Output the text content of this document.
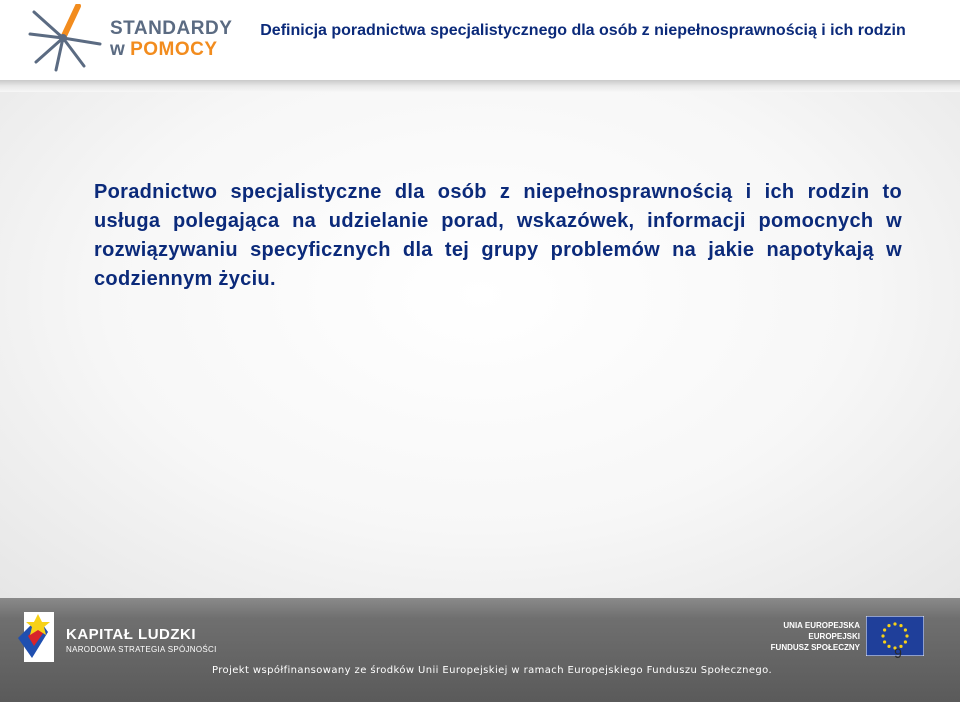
STANDARDY
w POMOCY
Definicja poradnictwa specjalistycznego dla osób z niepełnosprawnością i ich rodzin
Poradnictwo specjalistyczne dla osób z niepełnosprawnością i ich rodzin to usługa polegająca na udzielanie porad, wskazówek, informacji pomocnych w rozwiązywaniu specyficznych dla tej grupy problemów na jakie napotykają w codziennym życiu.
KAPITAŁ LUDZKI
NARODOWA STRATEGIA SPÓJNOŚCI
UNIA EUROPEJSKA
EUROPEJSKI
FUNDUSZ SPOŁECZNY	9
Projekt współfinansowany ze środków Unii Europejskiej w ramach Europejskiego Funduszu Społecznego.
